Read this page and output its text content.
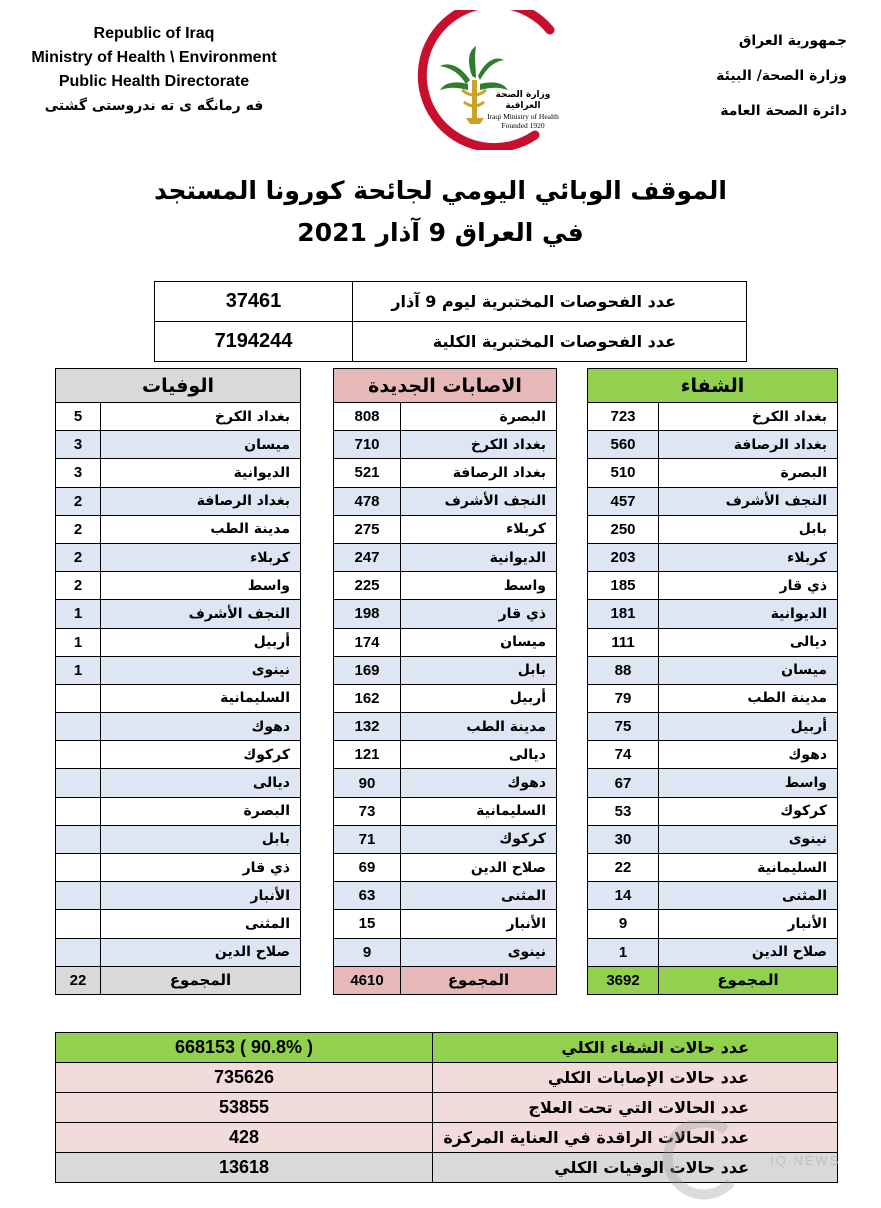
Republic of Iraq
Ministry of Health \ Environment
Public Health Directorate
فه رمانگه ی ته ندروستی گشتی
جمهورية العراق
وزارة الصحة/ البيئة
دائرة الصحة العامة
وزارة الصحة العراقية
Iraqi Ministry of Health
Founded 1920
الموقف الوبائي اليومي لجائحة كورونا المستجد
في العراق 9 آذار 2021
37461	عدد الفحوصات المختبرية ليوم 9 آذار
7194244	عدد الفحوصات المختبرية الكلية
الوفيات	
5	بغداد الكرخ
3	ميسان
3	الديوانية
2	بغداد الرصافة
2	مدينة الطب
2	كربلاء
2	واسط
1	النجف الأشرف
1	أربيل
1	نينوى
	السليمانية
	دهوك
	كركوك
	ديالى
	البصرة
	بابل
	ذي قار
	الأنبار
	المثنى
	صلاح الدين
22	المجموع
الاصابات الجديدة	
808	البصرة
710	بغداد الكرخ
521	بغداد الرصافة
478	النجف الأشرف
275	كربلاء
247	الديوانية
225	واسط
198	ذي قار
174	ميسان
169	بابل
162	أربيل
132	مدينة الطب
121	ديالى
90	دهوك
73	السليمانية
71	كركوك
69	صلاح الدين
63	المثنى
15	الأنبار
9	نينوى
4610	المجموع
الشفاء	
723	بغداد الكرخ
560	بغداد الرصافة
510	البصرة
457	النجف الأشرف
250	بابل
203	كربلاء
185	ذي قار
181	الديوانية
111	ديالى
88	ميسان
79	مدينة الطب
75	أربيل
74	دهوك
67	واسط
53	كركوك
30	نينوى
22	السليمانية
14	المثنى
9	الأنبار
1	صلاح الدين
3692	المجموع
668153 ( 90.8% )	عدد حالات الشفاء الكلي
735626	عدد حالات الإصابات الكلي
53855	عدد الحالات التي تحت العلاج
428	عدد الحالات الراقدة في العناية المركزة
13618	عدد حالات الوفيات الكلي IQ NEWS
